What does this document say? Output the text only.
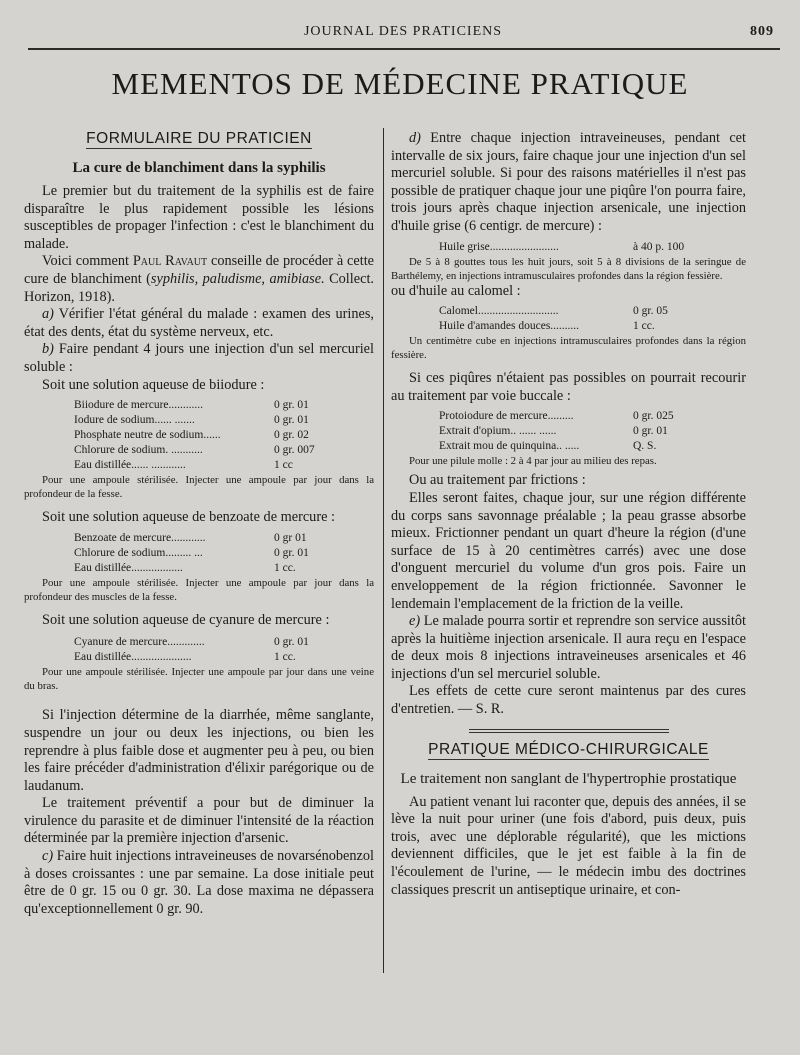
JOURNAL DES PRATICIENS	809
MEMENTOS DE MÉDECINE PRATIQUE
FORMULAIRE DU PRATICIEN
La cure de blanchiment dans la syphilis

Le premier but du traitement de la syphilis est de faire disparaître le plus rapidement possible les lésions susceptibles de propager l'infection : c'est le blanchiment du malade.

Voici comment Paul Ravaut conseille de procéder à cette cure de blanchiment (syphilis, paludisme, amibiase. Collect. Horizon, 1918).

a) Vérifier l'état général du malade : examen des urines, état des dents, état du système nerveux, etc.

b) Faire pendant 4 jours une injection d'un sel mercuriel soluble :

Soit une solution aqueuse de biiodure :

Biiodure de mercure............	0 gr. 01
Iodure de sodium...... .......	0 gr. 01
Phosphate neutre de sodium......	0 gr. 02
Chlorure de sodium. ...........	0 gr. 007
Eau distillée...... ............	1 cc

Pour une ampoule stérilisée. Injecter une ampoule par jour dans la profondeur de la fesse.

Soit une solution aqueuse de benzoate de mercure :

Benzoate de mercure............	0 gr 01
Chlorure de sodium......... ...	0 gr. 01
Eau distillée..................	1 cc.

Pour une ampoule stérilisée. Injecter une ampoule par jour dans la profondeur des muscles de la fesse.

Soit une solution aqueuse de cyanure de mercure :

Cyanure de mercure.............	0 gr. 01
Eau distillée.....................	1 cc.

Pour une ampoule stérilisée. Injecter une ampoule par jour dans une veine du bras.

Si l'injection détermine de la diarrhée, même sanglante, suspendre un jour ou deux les injections, ou bien les reprendre à plus faible dose et augmenter peu à peu, ou bien les faire précéder d'administration d'élixir parégorique ou de laudanum.

Le traitement préventif a pour but de diminuer la virulence du parasite et de diminuer l'intensité de la réaction déterminée par la première injection d'arsenic.

c) Faire huit injections intraveineuses de novarsénobenzol à doses croissantes : une par semaine. La dose initiale peut être de 0 gr. 15 ou 0 gr. 30. La dose maxima ne dépassera qu'exceptionnellement 0 gr. 90.

d) Entre chaque injection intraveineuses, pendant cet intervalle de six jours, faire chaque jour une injection d'un sel mercuriel soluble. Si pour des raisons matérielles il n'est pas possible de pratiquer chaque jour une piqûre l'on pourra faire, trois jours après chaque injection arsenicale, une injection d'huile grise (6 centigr. de mercure) :

Huile grise........................	à 40 p. 100

De 5 à 8 gouttes tous les huit jours, soit 5 à 8 divisions de la seringue de Barthélemy, en injections intramusculaires profondes dans la région fessière.

ou d'huile au calomel :

Calomel............................	0 gr. 05
Huile d'amandes douces..........	1 cc.

Un centimètre cube en injections intramusculaires profondes dans la région fessière.

Si ces piqûres n'étaient pas possibles on pourrait recourir au traitement par voie buccale :

Protoiodure de mercure.........	0 gr. 025
Extrait d'opium.. ...... ......	0 gr. 01
Extrait mou de quinquina.. .....	Q. S.

Pour une pilule molle : 2 à 4 par jour au milieu des repas.

Ou au traitement par frictions :

Elles seront faites, chaque jour, sur une région différente du corps sans savonnage préalable ; la peau grasse absorbe mieux. Frictionner pendant un quart d'heure la région (d'une surface de 15 à 20 centimètres carrés) avec une dose d'onguent mercuriel du volume d'un gros pois. Faire un enveloppement de la région frictionnée. Savonner le lendemain l'emplacement de la friction de la veille.

e) Le malade pourra sortir et reprendre son service aussitôt après la huitième injection arsenicale. Il aura reçu en l'espace de deux mois 8 injections intraveineuses arsenicales et 46 injections d'un sel mercuriel soluble.

Les effets de cette cure seront maintenus par des cures d'entretien. — S. R.

PRATIQUE MÉDICO-CHIRURGICALE
Le traitement non sanglant de l'hypertrophie prostatique

Au patient venant lui raconter que, depuis des années, il se lève la nuit pour uriner (une fois d'abord, puis deux, puis trois, avec une déplorable régularité), que les mictions deviennent difficiles, que le jet est faible à la fin de l'écoulement de l'urine, — le médecin imbu des doctrines classiques prescrit un antiseptique urinaire, et con-
